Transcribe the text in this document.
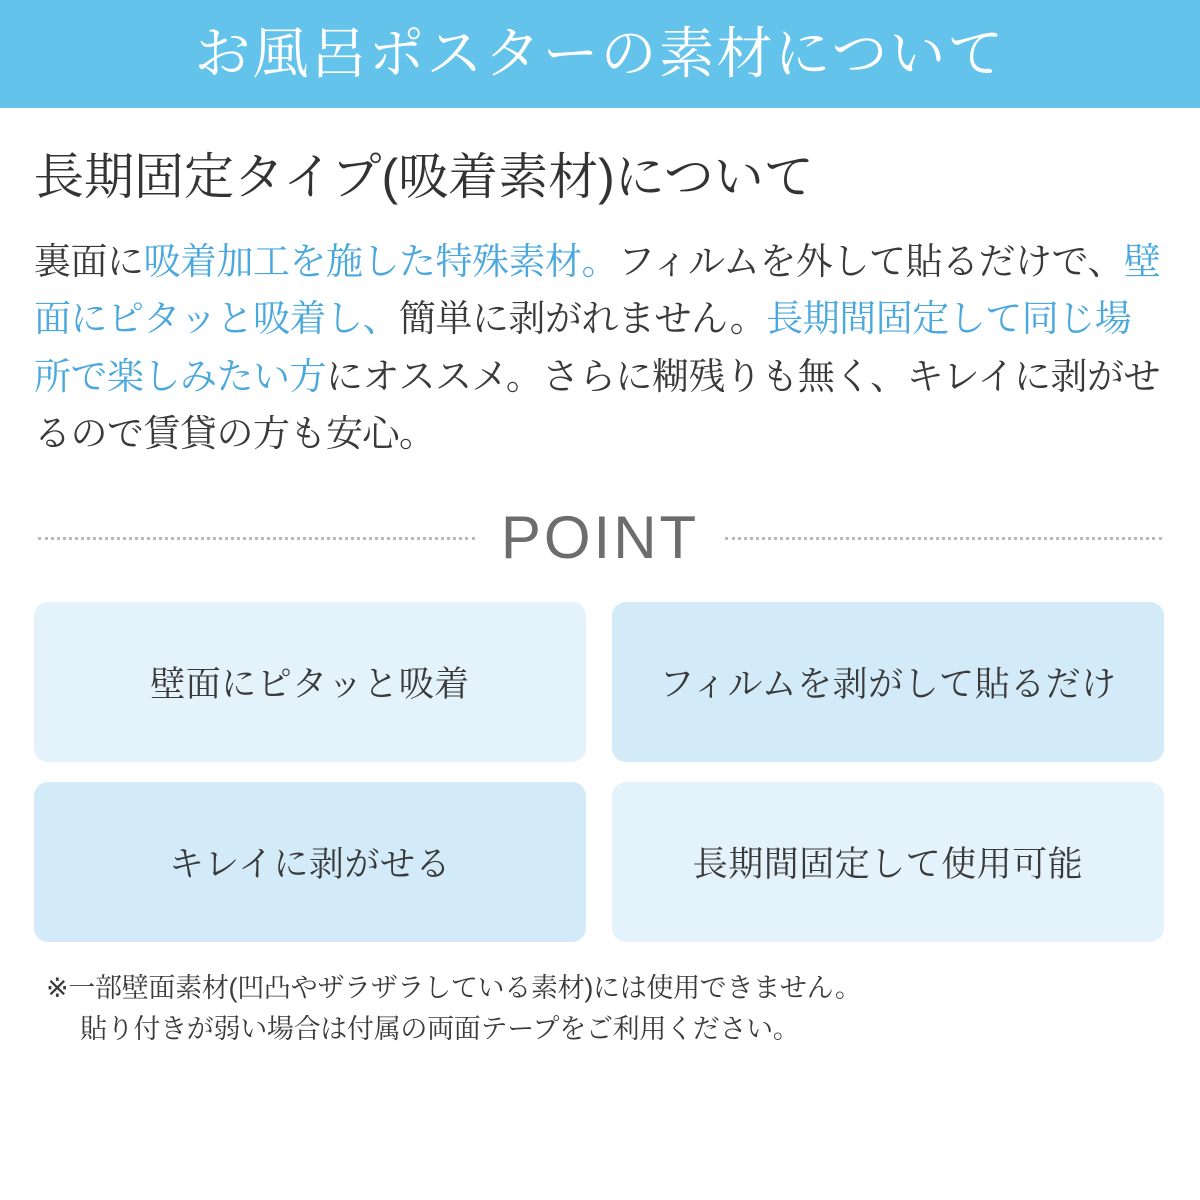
お風呂ポスターの素材について
長期固定タイプ(吸着素材)について

裏面に吸着加工を施した特殊素材。フィルムを外して貼るだけで、壁面にピタッと吸着し、簡単に剥がれません。長期間固定して同じ場所で楽しみたい方にオススメ。さらに糊残りも無く、キレイに剥がせるので賃貸の方も安心。

POINT
壁面にピタッと吸着	フィルムを剥がして貼るだけ
キレイに剥がせる	長期間固定して使用可能
※一部壁面素材(凹凸やザラザラしている素材)には使用できません。
貼り付きが弱い場合は付属の両面テープをご利用ください。
